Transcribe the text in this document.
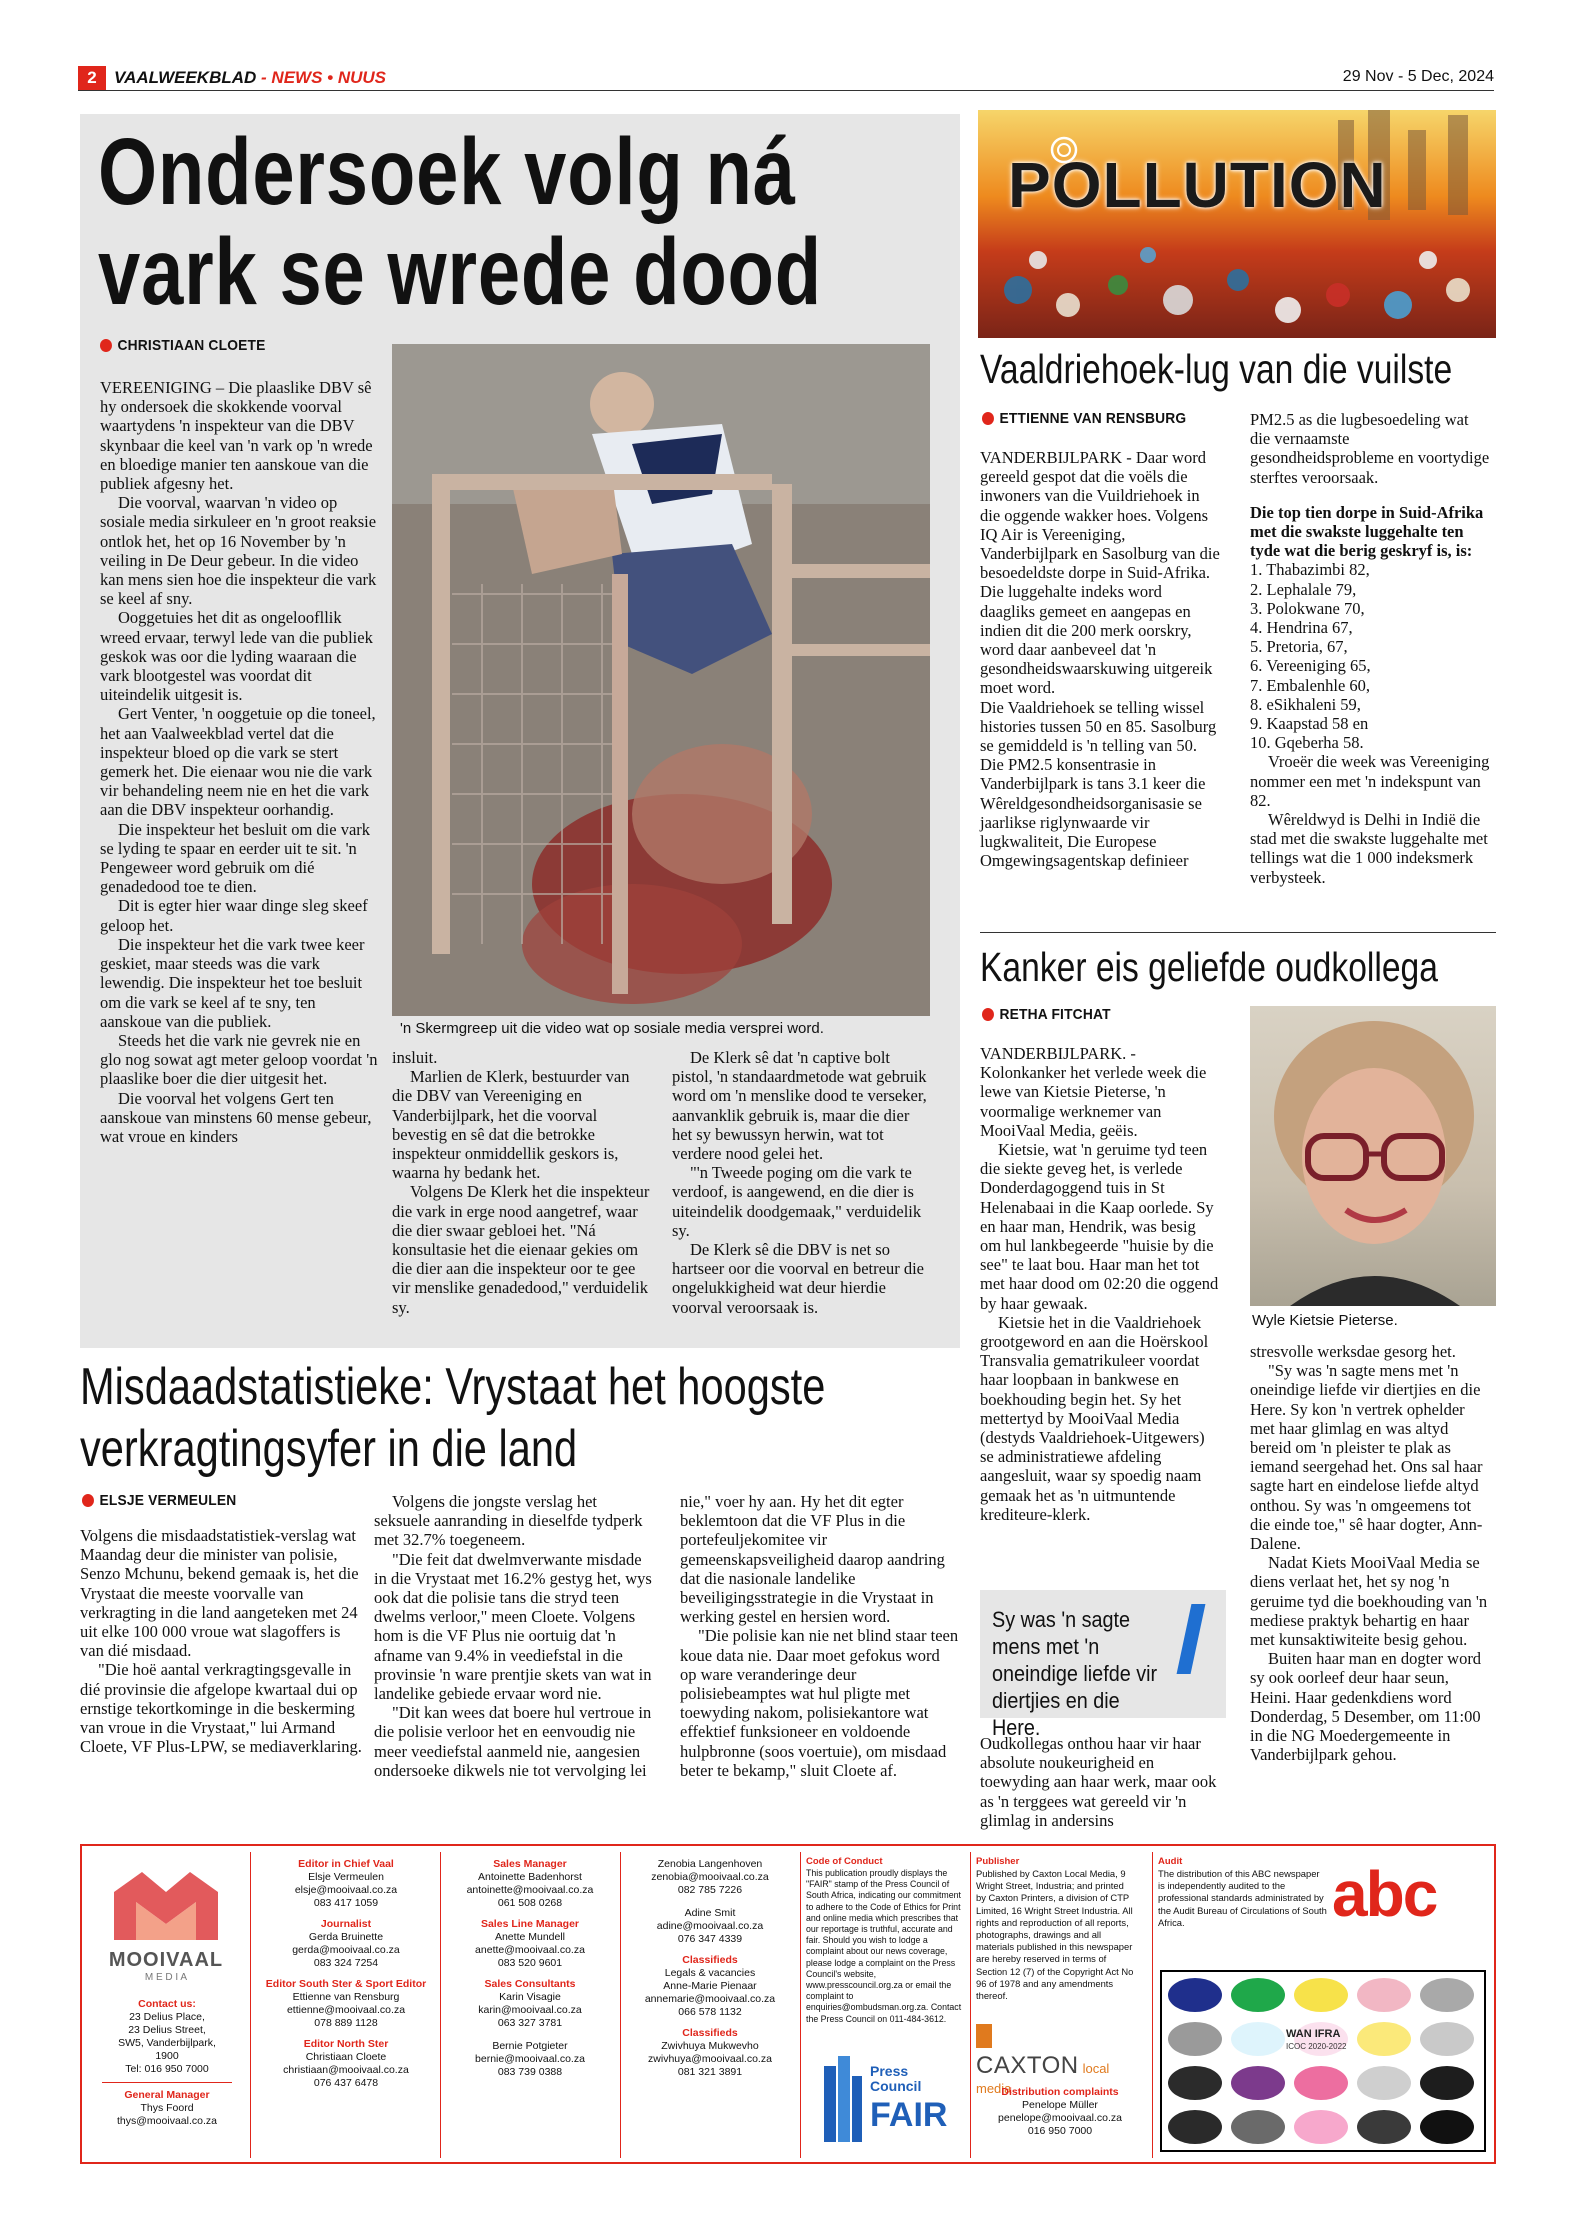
2	VAALWEEKBLAD - NEWS • NUUS	29 Nov - 5 Dec, 2024
Ondersoek volg ná
vark se wrede dood
CHRISTIAAN CLOETE
'n Skermgreep uit die video wat op sosiale media versprei word.

VEREENIGING – Die plaaslike DBV sê hy ondersoek die skokkende voorval waartydens 'n inspekteur van die DBV skynbaar die keel van 'n vark op 'n wrede en bloedige manier ten aanskoue van die publiek afgesny het.

Die voorval, waarvan 'n video op sosiale media sirkuleer en 'n groot reaksie ontlok het, het op 16 November by 'n veiling in De Deur gebeur. In die video kan mens sien hoe die inspekteur die vark se keel af sny.

Ooggetuies het dit as ongeloofllik wreed ervaar, terwyl lede van die publiek geskok was oor die lyding waaraan die vark blootgestel was voordat dit uiteindelik uitgesit is.

Gert Venter, 'n ooggetuie op die toneel, het aan Vaalweekblad vertel dat die inspekteur bloed op die vark se stert gemerk het. Die eienaar wou nie die vark vir behandeling neem nie en het die vark aan die DBV inspekteur oorhandig.

Die inspekteur het besluit om die vark se lyding te spaar en eerder uit te sit. 'n Pengeweer word gebruik om dié genadedood toe te dien.

Dit is egter hier waar dinge sleg skeef geloop het.

Die inspekteur het die vark twee keer geskiet, maar steeds was die vark lewendig. Die inspekteur het toe besluit om die vark se keel af te sny, ten aanskoue van die publiek.

Steeds het die vark nie gevrek nie en glo nog sowat agt meter geloop voordat 'n plaaslike boer die dier uitgesit het.

Die voorval het volgens Gert ten aanskoue van minstens 60 mense gebeur, wat vroue en kinders

insluit.

Marlien de Klerk, bestuurder van die DBV van Vereeniging en Vanderbijlpark, het die voorval bevestig en sê dat die betrokke inspekteur onmiddellik geskors is, waarna hy bedank het.

Volgens De Klerk het die inspekteur die vark in erge nood aangetref, waar die dier swaar gebloei het. "Ná konsultasie het die eienaar gekies om die dier aan die inspekteur oor te gee vir menslike genadedood," verduidelik sy.

De Klerk sê dat 'n captive bolt pistol, 'n standaardmetode wat gebruik word om 'n menslike dood te verseker, aanvanklik gebruik is, maar die dier het sy bewussyn herwin, wat tot verdere nood gelei het.

"'n Tweede poging om die vark te verdoof, is aangewend, en die dier is uiteindelik doodgemaak," verduidelik sy.

De Klerk sê die DBV is net so hartseer oor die voorval en betreur die ongelukkigheid wat deur hierdie voorval veroorsaak is.

POLLUTION
Vaaldriehoek-lug van die vuilste
ETTIENNE VAN RENSBURG

VANDERBIJLPARK - Daar word gereeld gespot dat die voëls die inwoners van die Vuildriehoek in die oggende wakker hoes. Volgens IQ Air is Vereeniging, Vanderbijlpark en Sasolburg van die besoedeldste dorpe in Suid-Afrika.

Die luggehalte indeks word daagliks gemeet en aangepas en indien dit die 200 merk oorskry, word daar aanbeveel dat 'n gesondheidswaarskuwing uitgereik moet word.

Die Vaaldriehoek se telling wissel histories tussen 50 en 85. Sasolburg se gemiddeld is 'n telling van 50. Die PM2.5 konsentrasie in Vanderbijlpark is tans 3.1 keer die Wêreldgesondheidsorganisasie se jaarlikse riglynwaarde vir lugkwaliteit, Die Europese Omgewingsagentskap definieer

PM2.5 as die lugbesoedeling wat die vernaamste gesondheidsprobleme en voortydige sterftes veroorsaak.

Die top tien dorpe in Suid-Afrika met die swakste luggehalte ten tyde wat die berig geskryf is, is:

1. Thabazimbi 82,
2. Lephalale 79,
3. Polokwane 70,
4. Hendrina 67,
5. Pretoria, 67,
6. Vereeniging 65,
7. Embalenhle 60,
8. eSikhaleni 59,
9. Kaapstad 58 en
10. Gqeberha 58.

Vroeër die week was Vereeniging nommer een met 'n indekspunt van 82.

Wêreldwyd is Delhi in Indië die stad met die swakste luggehalte met tellings wat die 1 000 indeksmerk verbysteek.

Kanker eis geliefde oudkollega
RETHA FITCHAT
Wyle Kietsie Pieterse.

VANDERBIJLPARK. - Kolonkanker het verlede week die lewe van Kietsie Pieterse, 'n voormalige werknemer van MooiVaal Media, geëis.

Kietsie, wat 'n geruime tyd teen die siekte geveg het, is verlede Donderdagoggend tuis in St Helenabaai in die Kaap oorlede. Sy en haar man, Hendrik, was besig om hul lankbegeerde "huisie by die see" te laat bou. Haar man het tot met haar dood om 02:20 die oggend by haar gewaak.

Kietsie het in die Vaaldriehoek grootgeword en aan die Hoërskool Transvalia gematrikuleer voordat haar loopbaan in bankwese en boekhouding begin het. Sy het mettertyd by MooiVaal Media (destyds Vaaldriehoek-Uitgewers) se administratiewe afdeling aangesluit, waar sy spoedig naam gemaak het as 'n uitmuntende krediteure-klerk.

Sy was 'n sagte mens met 'n oneindige liefde vir diertjies en die Here.

Oudkollegas onthou haar vir haar absolute noukeurigheid en toewyding aan haar werk, maar ook as 'n terggees wat gereeld vir 'n glimlag in andersins

stresvolle werksdae gesorg het.

"Sy was 'n sagte mens met 'n oneindige liefde vir diertjies en die Here. Sy kon 'n vertrek ophelder met haar glimlag en was altyd bereid om 'n pleister te plak as iemand seergehad het. Ons sal haar sagte hart en eindelose liefde altyd onthou. Sy was 'n omgeemens tot die einde toe," sê haar dogter, Ann-Dalene.

Nadat Kiets MooiVaal Media se diens verlaat het, het sy nog 'n geruime tyd die boekhouding van 'n mediese praktyk behartig en haar met kunsaktiwiteite besig gehou.

Buiten haar man en dogter word sy ook oorleef deur haar seun, Heini. Haar gedenkdiens word Donderdag, 5 Desember, om 11:00 in die NG Moedergemeente in Vanderbijlpark gehou.

Misdaadstatistieke: Vrystaat het hoogste
verkragtingsyfer in die land
ELSJE VERMEULEN

Volgens die misdaadstatistiek-verslag wat Maandag deur die minister van polisie, Senzo Mchunu, bekend gemaak is, het die Vrystaat die meeste voorvalle van verkragting in die land aangeteken met 24 uit elke 100 000 vroue wat slagoffers is van dié misdaad.

"Die hoë aantal verkragtingsgevalle in dié provinsie die afgelope kwartaal dui op ernstige tekortkominge in die beskerming van vroue in die Vrystaat," lui Armand Cloete, VF Plus-LPW, se mediaverklaring.

Volgens die jongste verslag het seksuele aanranding in dieselfde tydperk met 32.7% toegeneem.

"Die feit dat dwelmverwante misdade in die Vrystaat met 16.2% gestyg het, wys ook dat die polisie tans die stryd teen dwelms verloor," meen Cloete. Volgens hom is die VF Plus nie oortuig dat 'n afname van 9.4% in veediefstal in die provinsie 'n ware prentjie skets van wat in landelike gebiede ervaar word nie.

"Dit kan wees dat boere hul vertroue in die polisie verloor het en eenvoudig nie meer veediefstal aanmeld nie, aangesien ondersoeke dikwels nie tot vervolging lei

nie," voer hy aan. Hy het dit egter beklemtoon dat die VF Plus in die portefeuljekomitee vir gemeenskapsveiligheid daarop aandring dat die nasionale landelike beveiligingsstrategie in die Vrystaat in werking gestel en hersien word.

"Die polisie kan nie net blind staar teen koue data nie. Daar moet gefokus word op ware veranderinge deur polisiebeamptes wat hul pligte met toewyding nakom, polisiekantore wat effektief funksioneer en voldoende hulpbronne (soos voertuie), om misdaad beter te bekamp," sluit Cloete af.

MOOIVAAL
M E D I A
Contact us:
23 Delius Place,
23 Delius Street,
SW5, Vanderbijlpark,
1900
Tel: 016 950 7000
General Manager
Thys Foord
thys@mooivaal.co.za
Editor in Chief Vaal
Elsje Vermeulen
elsje@mooivaal.co.za
083 417 1059
Journalist
Gerda Bruinette
gerda@mooivaal.co.za
083 324 7254
Editor South Ster & Sport Editor
Ettienne van Rensburg
ettienne@mooivaal.co.za
078 889 1128
Editor North Ster
Christiaan Cloete
christiaan@mooivaal.co.za
076 437 6478
Sales Manager
Antoinette Badenhorst
antoinette@mooivaal.co.za
061 508 0268
Sales Line Manager
Anette Mundell
anette@mooivaal.co.za
083 520 9601
Sales Consultants
Karin Visagie
karin@mooivaal.co.za
063 327 3781
Bernie Potgieter
bernie@mooivaal.co.za
083 739 0388
Zenobia Langenhoven
zenobia@mooivaal.co.za
082 785 7226
Adine Smit
adine@mooivaal.co.za
076 347 4339
Classifieds
Legals & vacancies
Anne-Marie Pienaar
annemarie@mooivaal.co.za
066 578 1132
Classifieds
Zwivhuya Mukwevho
zwivhuya@mooivaal.co.za
081 321 3891
Code of Conduct
This publication proudly displays the "FAIR" stamp of the Press Council of South Africa, indicating our commitment to adhere to the Code of Ethics for Print and online media which prescribes that our reportage is truthful, accurate and fair. Should you wish to lodge a complaint about our news coverage, please lodge a complaint on the Press Council's website, www.presscouncil.org.za or email the complaint to enquiries@ombudsman.org.za. Contact the Press Council on 011-484-3612.
Press Council
FAIR
Publisher
Published by Caxton Local Media, 9 Wright Street, Industria; and printed by Caxton Printers, a division of CTP Limited, 16 Wright Street Industria. All rights and reproduction of all reports, photographs, drawings and all materials published in this newspaper are hereby reserved in terms of Section 12 (7) of the Copyright Act No 96 of 1978 and any amendments thereof.
CAXTON local media
Distribution complaints
Penelope Müller
penelope@mooivaal.co.za
016 950 7000
Audit
The distribution of this ABC newspaper is independently audited to the professional standards administrated by the Audit Bureau of Circulations of South Africa.	abc
WAN IFRA
ICOC 2020-2022
